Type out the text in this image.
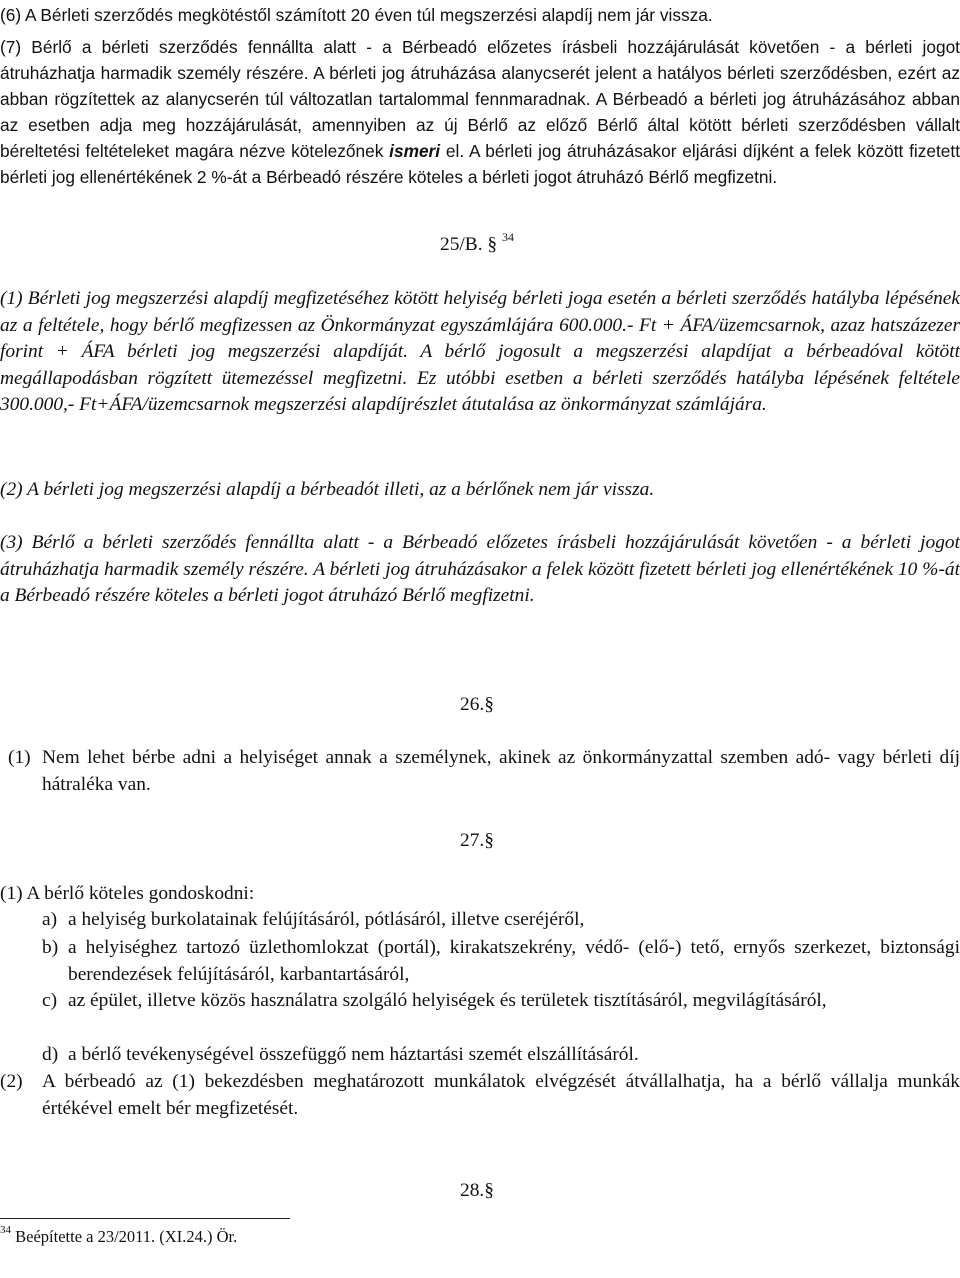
(6) A Bérleti szerződés megkötéstől számított 20 éven túl megszerzési alapdíj nem jár vissza.

(7) Bérlő a bérleti szerződés fennállta alatt - a Bérbeadó előzetes írásbeli hozzájárulását követően - a bérleti jogot átruházhatja harmadik személy részére. A bérleti jog átruházása alanycserét jelent a hatályos bérleti szerződésben, ezért az abban rögzítettek az alanycserén túl változatlan tartalommal fennmaradnak. A Bérbeadó a bérleti jog átruházásához abban az esetben adja meg hozzájárulását, amennyiben az új Bérlő az előző Bérlő által kötött bérleti szerződésben vállalt béreltetési feltételeket magára nézve kötelezőnek ismeri el. A bérleti jog átruházásakor eljárási díjként a felek között fizetett bérleti jog ellenértékének 2 %-át a Bérbeadó részére köteles a bérleti jogot átruházó Bérlő megfizetni.

25/B. § $^{34}$

(1) Bérleti jog megszerzési alapdíj megfizetéséhez kötött helyiség bérleti joga esetén a bérleti szerződés hatályba lépésének az a feltétele, hogy bérlő megfizessen az Önkormányzat egyszámlájára 600.000.- Ft + ÁFA/üzemcsarnok, azaz hatszázezer forint + ÁFA bérleti jog megszerzési alapdíját. A bérlő jogosult a megszerzési alapdíjat a bérbeadóval kötött megállapodásban rögzített ütemezéssel megfizetni. Ez utóbbi esetben a bérleti szerződés hatályba lépésének feltétele 300.000,- Ft+ÁFA/üzemcsarnok megszerzési alapdíjrészlet átutalása az önkormányzat számlájára.

(2) A bérleti jog megszerzési alapdíj a bérbeadót illeti, az a bérlőnek nem jár vissza.

(3) Bérlő a bérleti szerződés fennállta alatt - a Bérbeadó előzetes írásbeli hozzájárulását követően - a bérleti jogot átruházhatja harmadik személy részére. A bérleti jog átruházásakor a felek között fizetett bérleti jog ellenértékének 10 %-át a Bérbeadó részére köteles a bérleti jogot átruházó Bérlő megfizetni.

26.§
(1) Nem lehet bérbe adni a helyiséget annak a személynek, akinek az önkormányzattal szemben adó- vagy bérleti díj hátraléka van.

27.§

(1) A bérlő köteles gondoskodni:

a) a helyiség burkolatainak felújításáról, pótlásáról, illetve cseréjéről,

b) a helyiséghez tartozó üzlethomlokzat (portál), kirakatszekrény, védő- (elő-) tető, ernyős szerkezet, biztonsági berendezések felújításáról, karbantartásáról,

c) az épület, illetve közös használatra szolgáló helyiségek és területek tisztításáról, megvilágításáról,

d) a bérlő tevékenységével összefüggő nem háztartási szemét elszállításáról.

(2) A bérbeadó az (1) bekezdésben meghatározott munkálatok elvégzését átvállalhatja, ha a bérlő vállalja munkák értékével emelt bér megfizetését.

28.§
$^{34}$ Beépítette a 23/2011. (XI.24.) Ör.
